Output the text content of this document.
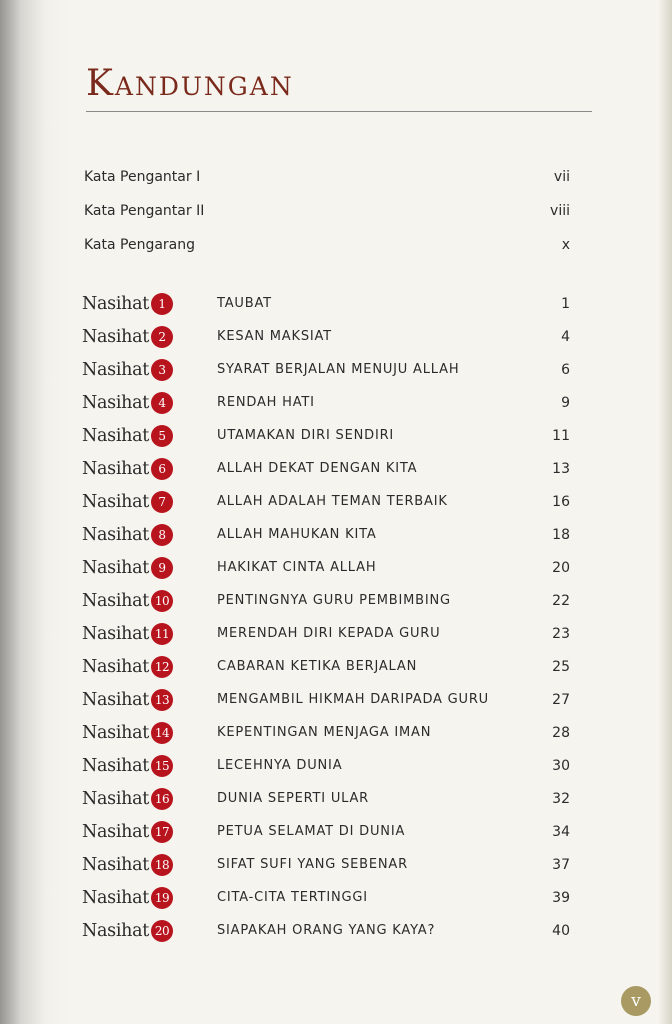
Kandungan
Kata Pengantar I	vii
Kata Pengantar II	viii
Kata Pengarang	x
Nasihat 1	TAUBAT	1
Nasihat 2	KESAN MAKSIAT	4
Nasihat 3	SYARAT BERJALAN MENUJU ALLAH	6
Nasihat 4	RENDAH HATI	9
Nasihat 5	UTAMAKAN DIRI SENDIRI	11
Nasihat 6	ALLAH DEKAT DENGAN KITA	13
Nasihat 7	ALLAH ADALAH TEMAN TERBAIK	16
Nasihat 8	ALLAH MAHUKAN KITA	18
Nasihat 9	HAKIKAT CINTA ALLAH	20
Nasihat 10	PENTINGNYA GURU PEMBIMBING	22
Nasihat 11	MERENDAH DIRI KEPADA GURU	23
Nasihat 12	CABARAN KETIKA BERJALAN	25
Nasihat 13	MENGAMBIL HIKMAH DARIPADA GURU	27
Nasihat 14	KEPENTINGAN MENJAGA IMAN	28
Nasihat 15	LECEHNYA DUNIA	30
Nasihat 16	DUNIA SEPERTI ULAR	32
Nasihat 17	PETUA SELAMAT DI DUNIA	34
Nasihat 18	SIFAT SUFI YANG SEBENAR	37
Nasihat 19	CITA-CITA TERTINGGI	39
Nasihat 20	SIAPAKAH ORANG YANG KAYA?	40
v
